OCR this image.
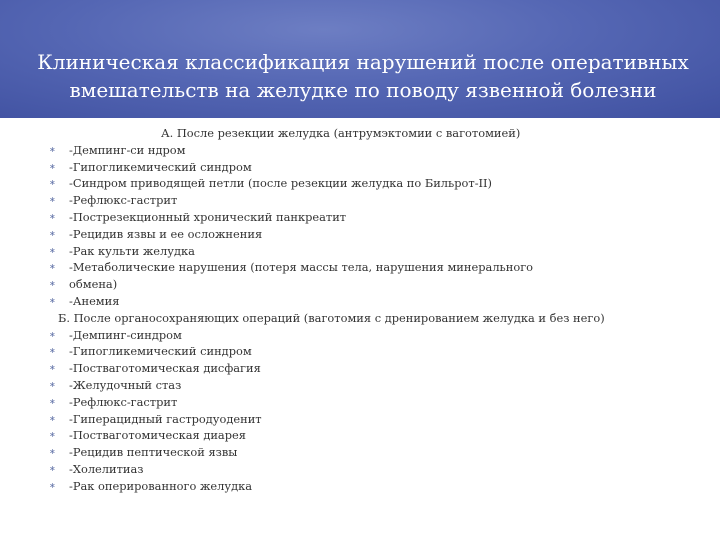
Клиническая классификация нарушений после оперативных
вмешательств на желудке по поводу язвенной болезни
А. После резекции желудка (антрумэктомии с ваготомией)
∗ -Демпинг-си ндром
∗ -Гипогликемический синдром
∗ -Синдром приводящей петли (после резекции желудка по Бильрот-II)
∗ -Рефлюкс-гастрит
∗ -Пострезекционный хронический панкреатит
∗ -Рецидив язвы и ее осложнения
∗ -Рак культи желудка
∗ -Метаболические нарушения (потеря массы тела, нарушения минерального
∗ обмена)
∗ -Анемия
Б. После органосохраняющих операций (ваготомия с дренированием желудка и без него)
∗ -Демпинг-синдром
∗ -Гипогликемический синдром
∗ -Постваготомическая дисфагия
∗ -Желудочный стаз
∗ -Рефлюкс-гастрит
∗ -Гиперацидный гастродуоденит
∗ -Постваготомическая диарея
∗ -Рецидив пептической язвы
∗ -Холелитиаз
∗ -Рак оперированного желудка
